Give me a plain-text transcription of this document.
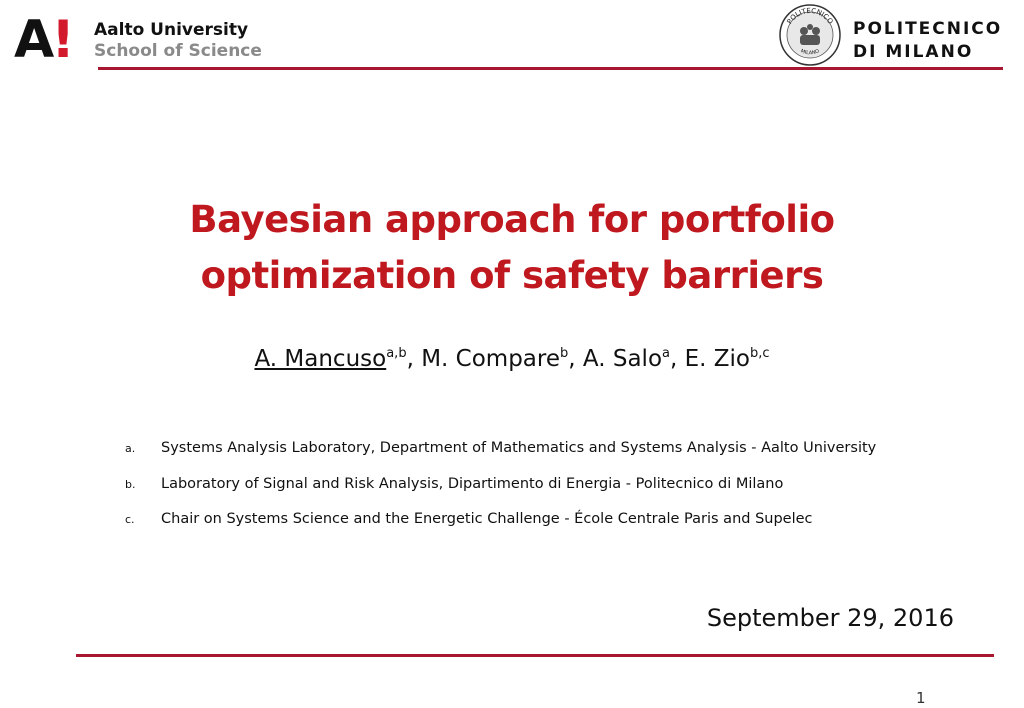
A! Aalto University
School of Science
POLITECNICO
MILANO
POLITECNICO
DI MILANO
Bayesian approach for portfolio
optimization of safety barriers
A. Mancuso$^{a,b}$, M. Compare$^b$, A. Salo$^a$, E. Zio$^{b,c}$
a. Systems Analysis Laboratory, Department of Mathematics and Systems Analysis - Aalto University
b. Laboratory of Signal and Risk Analysis, Dipartimento di Energia - Politecnico di Milano
c. Chair on Systems Science and the Energetic Challenge - École Centrale Paris and Supelec
September 29, 2016
1
